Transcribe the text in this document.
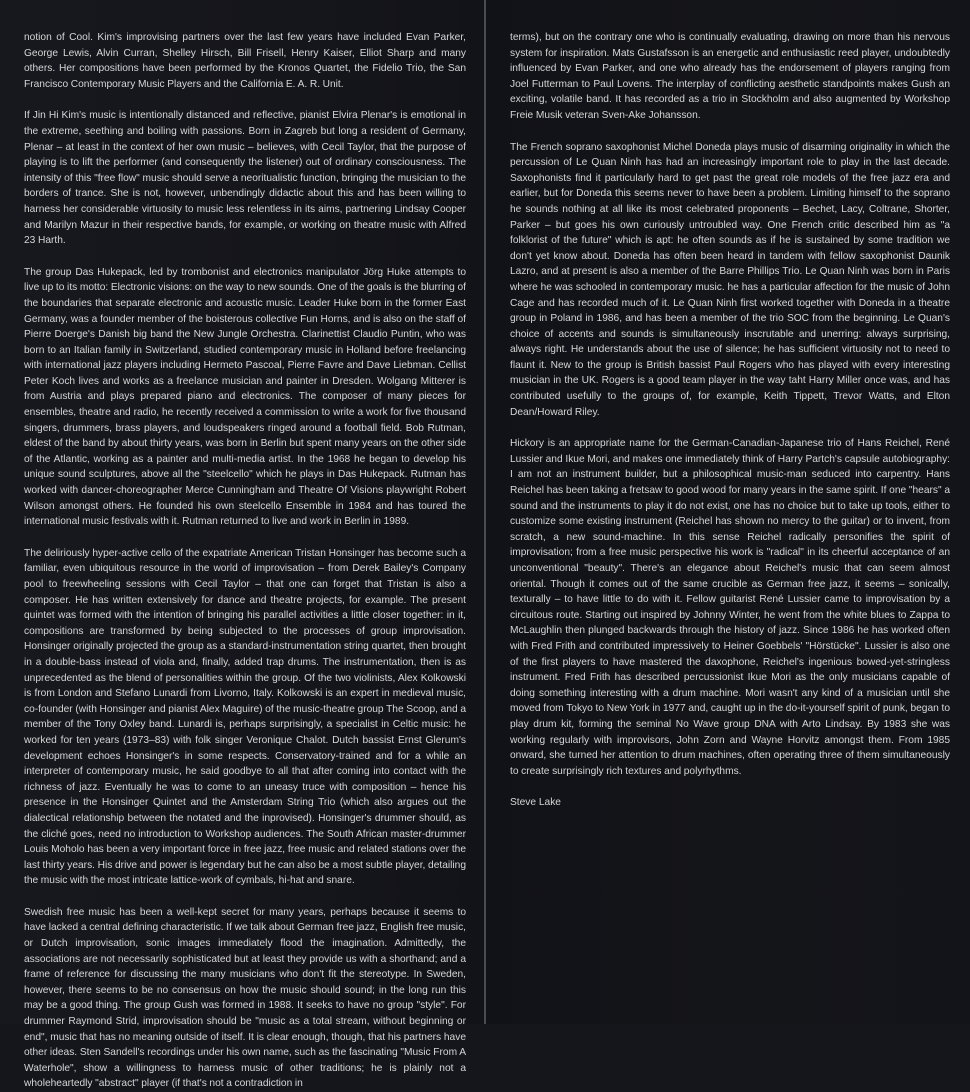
notion of Cool. Kim's improvising partners over the last few years have included Evan Parker, George Lewis, Alvin Curran, Shelley Hirsch, Bill Frisell, Henry Kaiser, Elliot Sharp and many others. Her compositions have been performed by the Kronos Quartet, the Fidelio Trio, the San Francisco Contemporary Music Players and the California E. A. R. Unit.

If Jin Hi Kim's music is intentionally distanced and reflective, pianist Elvira Plenar's is emotional in the extreme, seething and boiling with passions. Born in Zagreb but long a resident of Germany, Plenar – at least in the context of her own music – believes, with Cecil Taylor, that the purpose of playing is to lift the performer (and consequently the listener) out of ordinary consciousness. The intensity of this "free flow" music should serve a neoritualistic function, bringing the musician to the borders of trance. She is not, however, unbendingly didactic about this and has been willing to harness her considerable virtuosity to music less relentless in its aims, partnering Lindsay Cooper and Marilyn Mazur in their respective bands, for example, or working on theatre music with Alfred 23 Harth.

The group Das Hukepack, led by trombonist and electronics manipulator Jörg Huke attempts to live up to its motto: Electronic visions: on the way to new sounds. One of the goals is the blurring of the boundaries that separate electronic and acoustic music. Leader Huke born in the former East Germany, was a founder member of the boisterous collective Fun Horns, and is also on the staff of Pierre Doerge's Danish big band the New Jungle Orchestra. Clarinettist Claudio Puntin, who was born to an Italian family in Switzerland, studied contemporary music in Holland before freelancing with international jazz players including Hermeto Pascoal, Pierre Favre and Dave Liebman. Cellist Peter Koch lives and works as a freelance musician and painter in Dresden. Wolgang Mitterer is from Austria and plays prepared piano and electronics. The composer of many pieces for ensembles, theatre and radio, he recently received a commission to write a work for five thousand singers, drummers, brass players, and loudspeakers ringed around a football field. Bob Rutman, eldest of the band by about thirty years, was born in Berlin but spent many years on the other side of the Atlantic, working as a painter and multi-media artist. In the 1968 he began to develop his unique sound sculptures, above all the "steelcello" which he plays in Das Hukepack. Rutman has worked with dancer-choreographer Merce Cunningham and Theatre Of Visions playwright Robert Wilson amongst others. He founded his own steelcello Ensemble in 1984 and has toured the international music festivals with it. Rutman returned to live and work in Berlin in 1989.

The deliriously hyper-active cello of the expatriate American Tristan Honsinger has become such a familiar, even ubiquitous resource in the world of improvisation – from Derek Bailey's Company pool to freewheeling sessions with Cecil Taylor – that one can forget that Tristan is also a composer. He has written extensively for dance and theatre projects, for example. The present quintet was formed with the intention of bringing his parallel activities a little closer together: in it, compositions are transformed by being subjected to the processes of group improvisation. Honsinger originally projected the group as a standard-instrumentation string quartet, then brought in a double-bass instead of viola and, finally, added trap drums. The instrumentation, then is as unprecedented as the blend of personalities within the group. Of the two violinists, Alex Kolkowski is from London and Stefano Lunardi from Livorno, Italy. Kolkowski is an expert in medieval music, co-founder (with Honsinger and pianist Alex Maguire) of the music-theatre group The Scoop, and a member of the Tony Oxley band. Lunardi is, perhaps surprisingly, a specialist in Celtic music: he worked for ten years (1973–83) with folk singer Veronique Chalot. Dutch bassist Ernst Glerum's development echoes Honsinger's in some respects. Conservatory-trained and for a while an interpreter of contemporary music, he said goodbye to all that after coming into contact with the richness of jazz. Eventually he was to come to an uneasy truce with composition – hence his presence in the Honsinger Quintet and the Amsterdam String Trio (which also argues out the dialectical relationship between the notated and the inprovised). Honsinger's drummer should, as the cliché goes, need no introduction to Workshop audiences. The South African master-drummer Louis Moholo has been a very important force in free jazz, free music and related stations over the last thirty years. His drive and power is legendary but he can also be a most subtle player, detailing the music with the most intricate lattice-work of cymbals, hi-hat and snare.

Swedish free music has been a well-kept secret for many years, perhaps because it seems to have lacked a central defining characteristic. If we talk about German free jazz, English free music, or Dutch improvisation, sonic images immediately flood the imagination. Admittedly, the associations are not necessarily sophisticated but at least they provide us with a shorthand; and a frame of reference for discussing the many musicians who don't fit the stereotype. In Sweden, however, there seems to be no consensus on how the music should sound; in the long run this may be a good thing. The group Gush was formed in 1988. It seeks to have no group "style". For drummer Raymond Strid, improvisation should be "music as a total stream, without beginning or end", music that has no meaning outside of itself. It is clear enough, though, that his partners have other ideas. Sten Sandell's recordings under his own name, such as the fascinating "Music From A Waterhole", show a willingness to harness music of other traditions; he is plainly not a wholeheartedly "abstract" player (if that's not a contradiction in

terms), but on the contrary one who is continually evaluating, drawing on more than his nervous system for inspiration. Mats Gustafsson is an energetic and enthusiastic reed player, undoubtedly influenced by Evan Parker, and one who already has the endorsement of players ranging from Joel Futterman to Paul Lovens. The interplay of conflicting aesthetic standpoints makes Gush an exciting, volatile band. It has recorded as a trio in Stockholm and also augmented by Workshop Freie Musik veteran Sven-Ake Johansson.

The French soprano saxophonist Michel Doneda plays music of disarming originality in which the percussion of Le Quan Ninh has had an increasingly important role to play in the last decade. Saxophonists find it particularly hard to get past the great role models of the free jazz era and earlier, but for Doneda this seems never to have been a problem. Limiting himself to the soprano he sounds nothing at all like its most celebrated proponents – Bechet, Lacy, Coltrane, Shorter, Parker – but goes his own curiously untroubled way. One French critic described him as "a folklorist of the future" which is apt: he often sounds as if he is sustained by some tradition we don't yet know about. Doneda has often been heard in tandem with fellow saxophonist Daunik Lazro, and at present is also a member of the Barre Phillips Trio. Le Quan Ninh was born in Paris where he was schooled in contemporary music. he has a particular affection for the music of John Cage and has recorded much of it. Le Quan Ninh first worked together with Doneda in a theatre group in Poland in 1986, and has been a member of the trio SOC from the beginning. Le Quan's choice of accents and sounds is simultaneously inscrutable and unerring: always surprising, always right. He understands about the use of silence; he has sufficient virtuosity not to need to flaunt it. New to the group is British bassist Paul Rogers who has played with every interesting musician in the UK. Rogers is a good team player in the way taht Harry Miller once was, and has contributed usefully to the groups of, for example, Keith Tippett, Trevor Watts, and Elton Dean/Howard Riley.

Hickory is an appropriate name for the German-Canadian-Japanese trio of Hans Reichel, René Lussier and Ikue Mori, and makes one immediately think of Harry Partch's capsule autobiography: I am not an instrument builder, but a philosophical music-man seduced into carpentry. Hans Reichel has been taking a fretsaw to good wood for many years in the same spirit. If one "hears" a sound and the instruments to play it do not exist, one has no choice but to take up tools, either to customize some existing instrument (Reichel has shown no mercy to the guitar) or to invent, from scratch, a new sound-machine. In this sense Reichel radically personifies the spirit of improvisation; from a free music perspective his work is "radical" in its cheerful acceptance of an unconventional "beauty". There's an elegance about Reichel's music that can seem almost oriental. Though it comes out of the same crucible as German free jazz, it seems – sonically, texturally – to have little to do with it. Fellow guitarist René Lussier came to improvisation by a circuitous route. Starting out inspired by Johnny Winter, he went from the white blues to Zappa to McLaughlin then plunged backwards through the history of jazz. Since 1986 he has worked often with Fred Frith and contributed impressively to Heiner Goebbels' "Hörstücke". Lussier is also one of the first players to have mastered the daxophone, Reichel's ingenious bowed-yet-stringless instrument. Fred Frith has described percussionist Ikue Mori as the only musicians capable of doing something interesting with a drum machine. Mori wasn't any kind of a musician until she moved from Tokyo to New York in 1977 and, caught up in the do-it-yourself spirit of punk, began to play drum kit, forming the seminal No Wave group DNA with Arto Lindsay. By 1983 she was working regularly with improvisors, John Zorn and Wayne Horvitz amongst them. From 1985 onward, she turned her attention to drum machines, often operating three of them simultaneously to create surprisingly rich textures and polyrhythms.

Steve Lake
